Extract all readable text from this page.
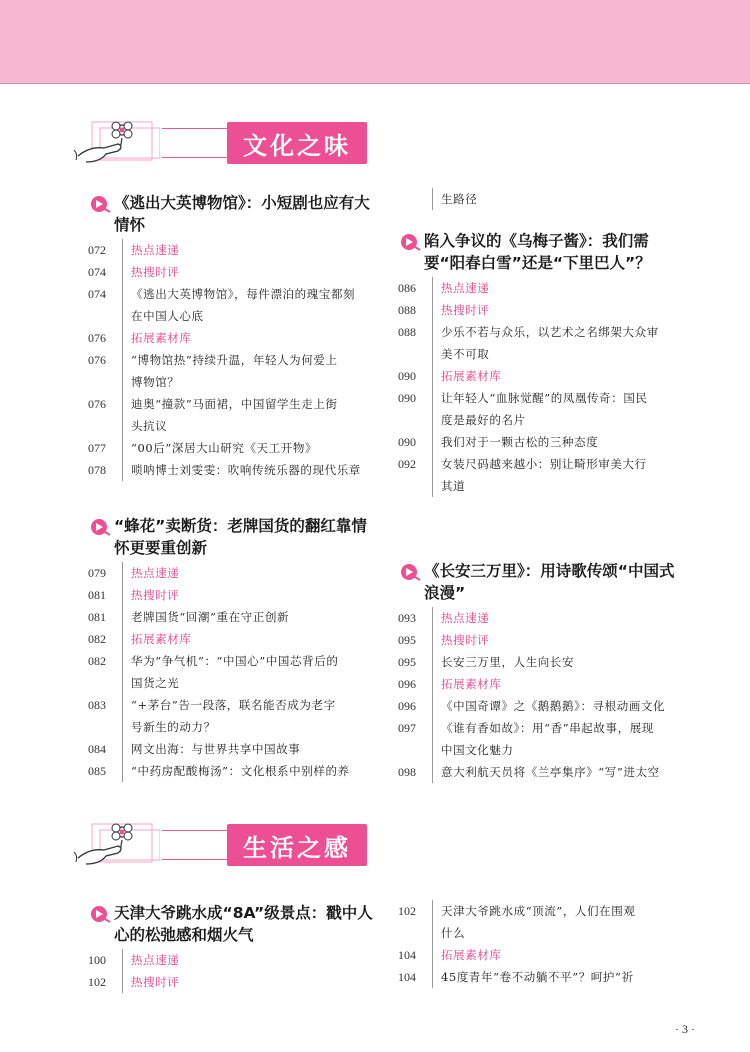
文化之味
生活之感
《逃出大英博物馆》：小短剧也应有大情怀
072	热点速递
074	热搜时评
074	《逃出大英博物馆》，每件漂泊的瑰宝都刻
在中国人心底
076	拓展素材库
076	“博物馆热”持续升温，年轻人为何爱上
博物馆？
076	迪奥“撞款”马面裙，中国留学生走上街
头抗议
077	“00后”深居大山研究《天工开物》
078	唢呐博士刘雯雯：吹响传统乐器的现代乐章
“蜂花”卖断货：老牌国货的翻红靠情怀更要重创新
079	热点速递
081	热搜时评
081	老牌国货“回潮”重在守正创新
082	拓展素材库
082	华为“争气机”：“中国心”中国芯背后的
国货之光
083	“+茅台”告一段落，联名能否成为老字
号新生的动力？
084	网文出海：与世界共享中国故事
085	“中药房配酸梅汤”：文化根系中别样的养
生路径
陷入争议的《乌梅子酱》：我们需要“阳春白雪”还是“下里巴人”？
086	热点速递
088	热搜时评
088	少乐不若与众乐，以艺术之名绑架大众审
美不可取
090	拓展素材库
090	让年轻人“血脉觉醒”的凤凰传奇：国民
度是最好的名片
090	我们对于一颗古松的三种态度
092	女装尺码越来越小：别让畸形审美大行
其道
《长安三万里》：用诗歌传颂“中国式浪漫”
093	热点速递
095	热搜时评
095	长安三万里，人生向长安
096	拓展素材库
096	《中国奇谭》之《鹅鹅鹅》：寻根动画文化
097	《谁有香如故》：用“香”串起故事，展现
中国文化魅力
098	意大利航天员将《兰亭集序》“写”进太空
天津大爷跳水成“8A”级景点：戳中人心的松弛感和烟火气
100	热点速递
102	热搜时评
102	天津大爷跳水成“顶流”，人们在围观
什么
104	拓展素材库
104	45度青年“卷不动躺不平”？呵护“祈
· 3 ·
